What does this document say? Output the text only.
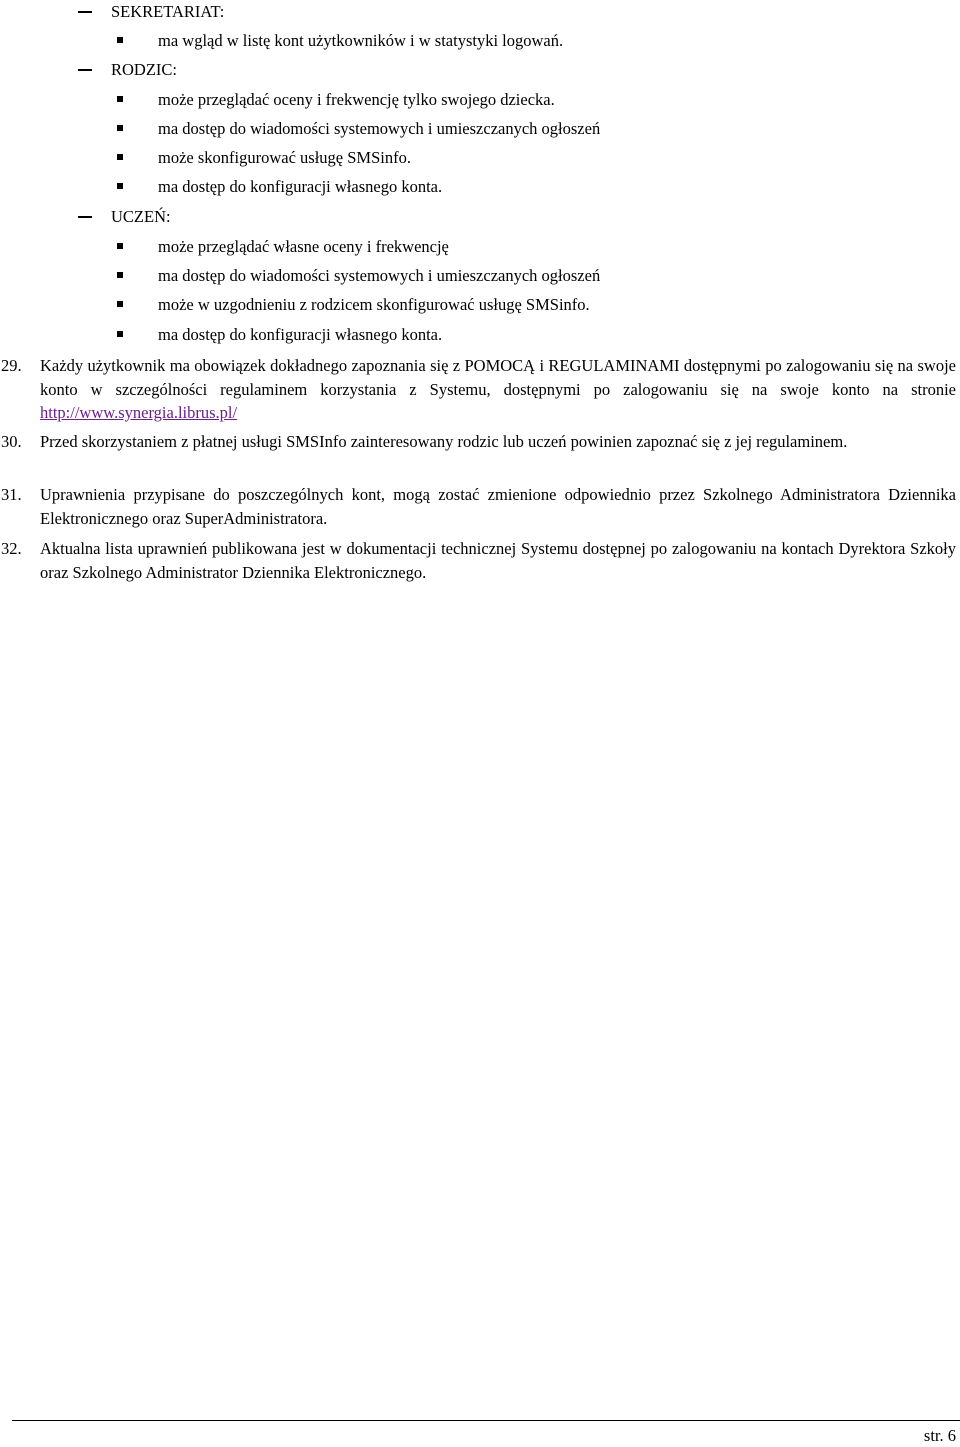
SEKRETARIAT:
ma wgląd w listę kont użytkowników i w statystyki logowań.
RODZIC:
może przeglądać oceny i frekwencję tylko swojego dziecka.
ma dostęp do wiadomości systemowych i umieszczanych ogłoszeń
może skonfigurować usługę SMSinfo.
ma dostęp do konfiguracji własnego konta.
UCZEŃ:
może przeglądać własne oceny i frekwencję
ma dostęp do wiadomości systemowych i umieszczanych ogłoszeń
może w uzgodnieniu z rodzicem skonfigurować usługę SMSinfo.
ma dostęp do konfiguracji własnego konta.
29. Każdy użytkownik ma obowiązek dokładnego zapoznania się z POMOCĄ i REGULAMINAMI dostępnymi po zalogowaniu się na swoje konto w szczególności regulaminem korzystania z Systemu, dostępnymi po zalogowaniu się na swoje konto na stronie http://www.synergia.librus.pl/
30. Przed skorzystaniem z płatnej usługi SMSInfo zainteresowany rodzic lub uczeń powinien zapoznać się z jej regulaminem.
31. Uprawnienia przypisane do poszczególnych kont, mogą zostać zmienione odpowiednio przez Szkolnego Administratora Dziennika Elektronicznego oraz SuperAdministratora.
32. Aktualna lista uprawnień publikowana jest w dokumentacji technicznej Systemu dostępnej po zalogowaniu na kontach Dyrektora Szkoły oraz Szkolnego Administrator Dziennika Elektronicznego.
str. 6
